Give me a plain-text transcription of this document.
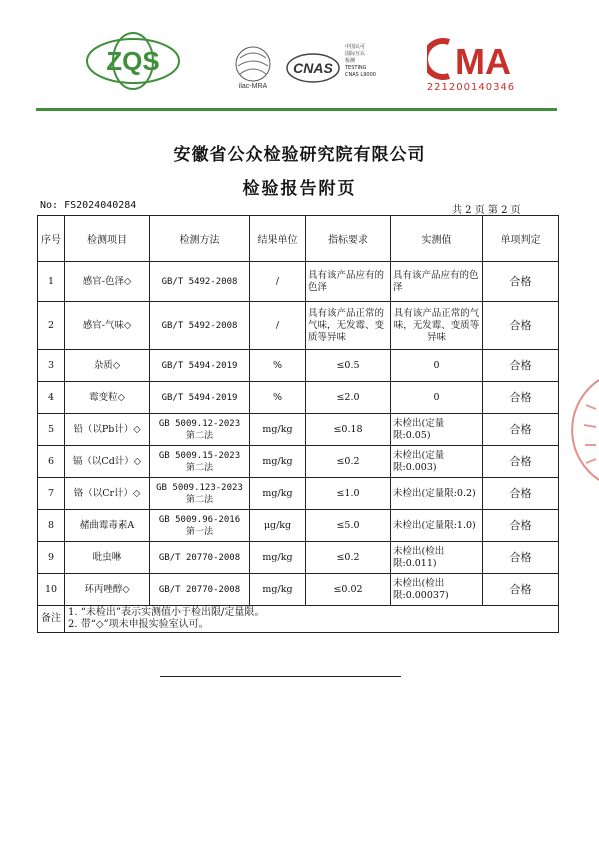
ZQS
ilac-MRA
CNAS
中国认可
国际互认
检测
TESTING
CNAS L9000	MA
221200140346
安徽省公众检验研究院有限公司
检验报告附页
No: FS2024040284	共 2 页 第 2 页
序号	检测项目	检测方法	结果单位	指标要求	实测值	单项判定
1	感官-色泽◇	GB/T 5492-2008	/	具有该产品应有的色泽	具有该产品应有的色泽	合格
2	感官-气味◇	GB/T 5492-2008	/	具有该产品正常的气味，无发霉、变质等异味	具有该产品正常的气味，无发霉、变质等异味	合格
3	杂质◇	GB/T 5494-2019	%	≤0.5	0	合格
4	霉变粒◇	GB/T 5494-2019	%	≤2.0	0	合格
5	铅（以Pb计）◇	GB 5009.12-2023 第二法	mg/kg	≤0.18	未检出(定量限:0.05)	合格
6	镉（以Cd计）◇	GB 5009.15-2023 第二法	mg/kg	≤0.2	未检出(定量限:0.003)	合格
7	铬（以Cr计）◇	GB 5009.123-2023 第二法	mg/kg	≤1.0	未检出(定量限:0.2)	合格
8	赭曲霉毒素A	GB 5009.96-2016 第一法	μg/kg	≤5.0	未检出(定量限:1.0)	合格
9	吡虫啉	GB/T 20770-2008	mg/kg	≤0.2	未检出(检出限:0.011)	合格
10	环丙唑醇◇	GB/T 20770-2008	mg/kg	≤0.02	未检出(检出限:0.00037)	合格
备注	1. “未检出”表示实测值小于检出限/定量限。
2. 带“◇”项未申报实验室认可。					
